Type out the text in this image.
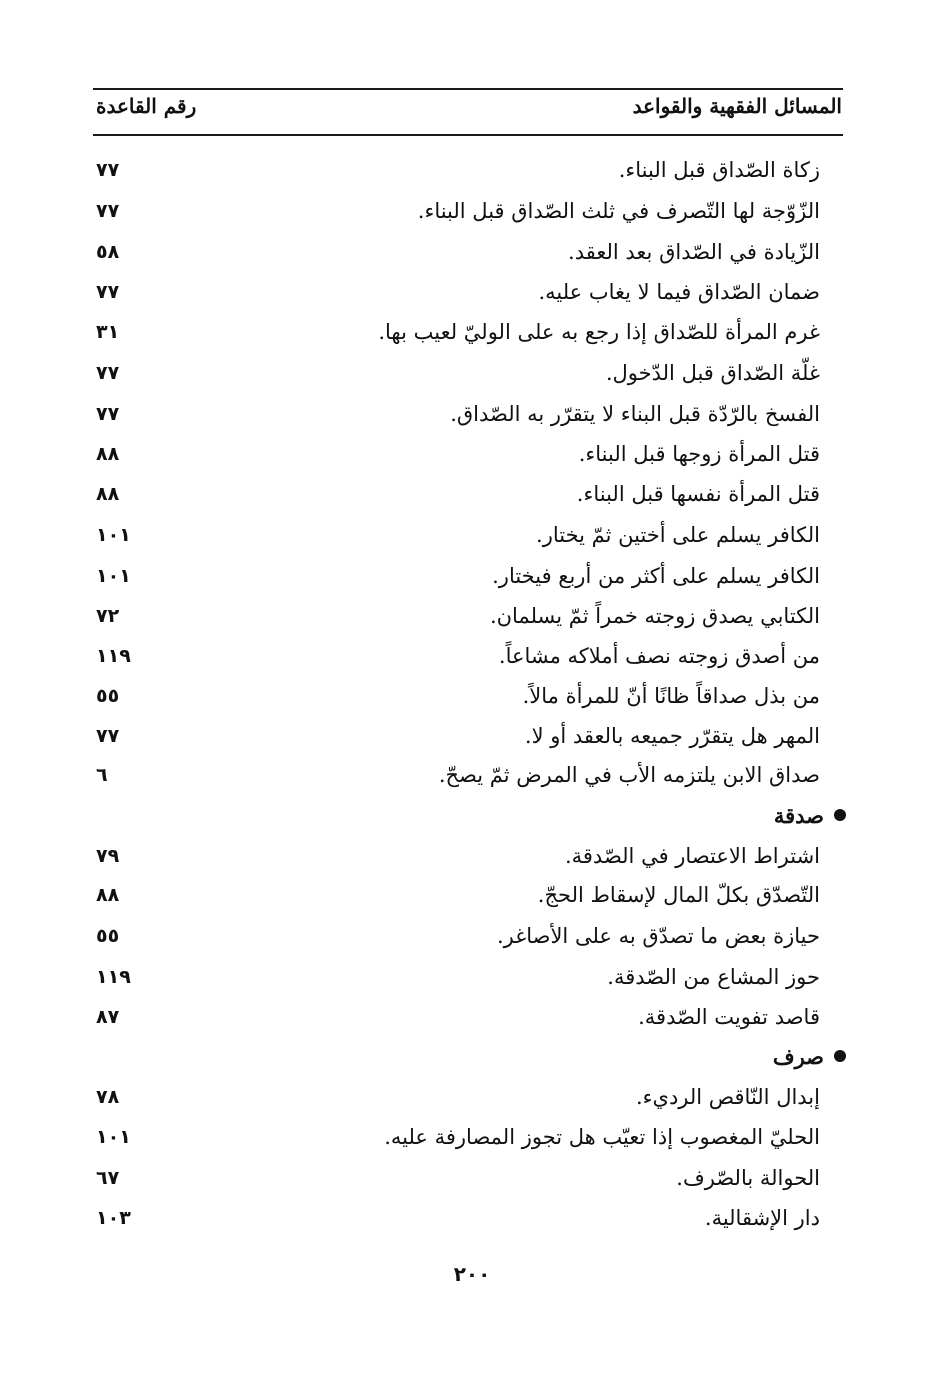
المسائل الفقهية والقواعد
رقم القاعدة
زكاة الصّداق قبل البناء.
٧٧
الزّوّجة لها التّصرف في ثلث الصّداق قبل البناء.
٧٧
الزّيادة في الصّداق بعد العقد.
٥٨
ضمان الصّداق فيما لا يغاب عليه.
٧٧
غرم المرأة للصّداق إذا رجع به على الوليّ لعيب بها.
٣١
غلّة الصّداق قبل الدّخول.
٧٧
الفسخ بالرّدّة قبل البناء لا يتقرّر به الصّداق.
٧٧
قتل المرأة زوجها قبل البناء.
٨٨
قتل المرأة نفسها قبل البناء.
٨٨
الكافر يسلم على أختين ثمّ يختار.
١٠١
الكافر يسلم على أكثر من أربع فيختار.
١٠١
الكتابي يصدق زوجته خمراً ثمّ يسلمان.
٧٢
من أصدق زوجته نصف أملاكه مشاعاً.
١١٩
من بذل صداقاً ظانًا أنّ للمرأة مالاً.
٥٥
المهر هل يتقرّر جميعه بالعقد أو لا.
٧٧
صداق الابن يلتزمه الأب في المرض ثمّ يصحّ.
٦
صدقة
اشتراط الاعتصار في الصّدقة.
٧٩
التّصدّق بكلّ المال لإسقاط الحجّ.
٨٨
حيازة بعض ما تصدّق به على الأصاغر.
٥٥
حوز المشاع من الصّدقة.
١١٩
قاصد تفويت الصّدقة.
٨٧
صرف
إبدال النّاقص الرديء.
٧٨
الحليّ المغصوب إذا تعيّب هل تجوز المصارفة عليه.
١٠١
الحوالة بالصّرف.
٦٧
دار الإشقالية.
١٠٣
٢٠٠
